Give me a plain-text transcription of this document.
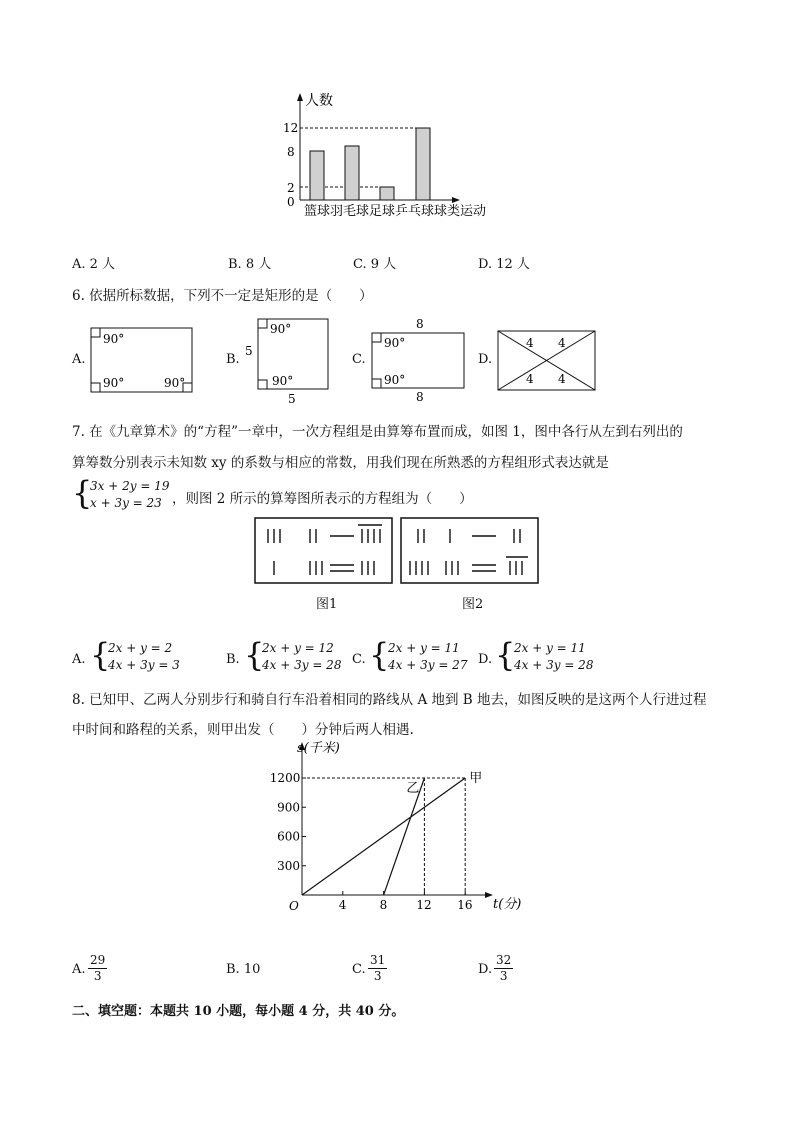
人数
12
8
2
0
篮球羽毛球足球乒乓球球类运动
A. 2 人	B. 8 人	C. 9 人	D. 12 人
6. 依据所标数据，下列不一定是矩形的是（　　）
A.
90°
90°	90°
B.
90°
90°
5
5
C.
90°
90°
8
8
D.
4 4
4 4
7. 在《九章算术》的“方程”一章中，一次方程组是由算筹布置而成，如图 1，图中各行从左到右列出的
算筹数分别表示未知数 xy 的系数与相应的常数，用我们现在所熟悉的方程组形式表达就是
{
3x + 2y = 19
x + 3y = 23 ，则图 2 所示的算筹图所表示的方程组为（　　）
图1	图2
A. {
2x + y = 2
4x + 3y = 3	B. {
2x + y = 12
4x + 3y = 28 C. {
2x + y = 11
4x + 3y = 27 D. {
2x + y = 11
4x + 3y = 28
8. 已知甲、乙两人分别步行和骑自行车沿着相同的路线从 A 地到 B 地去，如图反映的是这两个人行进过程
中时间和路程的关系，则甲出发（　　）分钟后两人相遇.
s(千米)
t(分)
O	4	8 12 16
300
600
900
1200	甲
乙
A. $\frac{29}{3}$	B. 10	C. $\frac{31}{3}$	D. $\frac{32}{3}$
二、填空题：本题共 10 小题，每小题 4 分，共 40 分。
